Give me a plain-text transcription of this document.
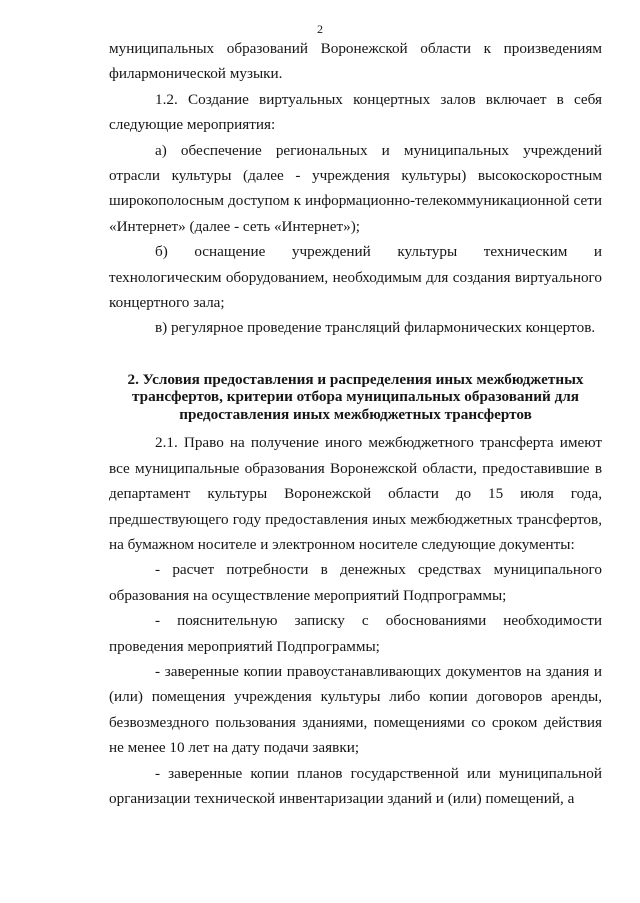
2

муниципальных образований Воронежской области к произведениям филармонической музыки.

1.2. Создание виртуальных концертных залов включает в себя следующие мероприятия:

а) обеспечение региональных и муниципальных учреждений отрасли культуры (далее - учреждения культуры) высокоскоростным широкополосным доступом к информационно-телекоммуникационной сети «Интернет» (далее - сеть «Интернет»);

б) оснащение учреждений культуры техническим и технологическим оборудованием, необходимым для создания виртуального концертного зала;

в) регулярное проведение трансляций филармонических концертов.

2. Условия предоставления и распределения иных межбюджетных трансфертов, критерии отбора муниципальных образований для предоставления иных межбюджетных трансфертов

2.1. Право на получение иного межбюджетного трансферта имеют все муниципальные образования Воронежской области, предоставившие в департамент культуры Воронежской области до 15 июля года, предшествующего году предоставления иных межбюджетных трансфертов, на бумажном носителе и электронном носителе следующие документы:

- расчет потребности в денежных средствах муниципального образования на осуществление мероприятий Подпрограммы;

- пояснительную записку с обоснованиями необходимости проведения мероприятий Подпрограммы;

- заверенные копии правоустанавливающих документов на здания и (или) помещения учреждения культуры либо копии договоров аренды, безвозмездного пользования зданиями, помещениями со сроком действия не менее 10 лет на дату подачи заявки;

- заверенные копии планов государственной или муниципальной организации технической инвентаризации зданий и (или) помещений, а
